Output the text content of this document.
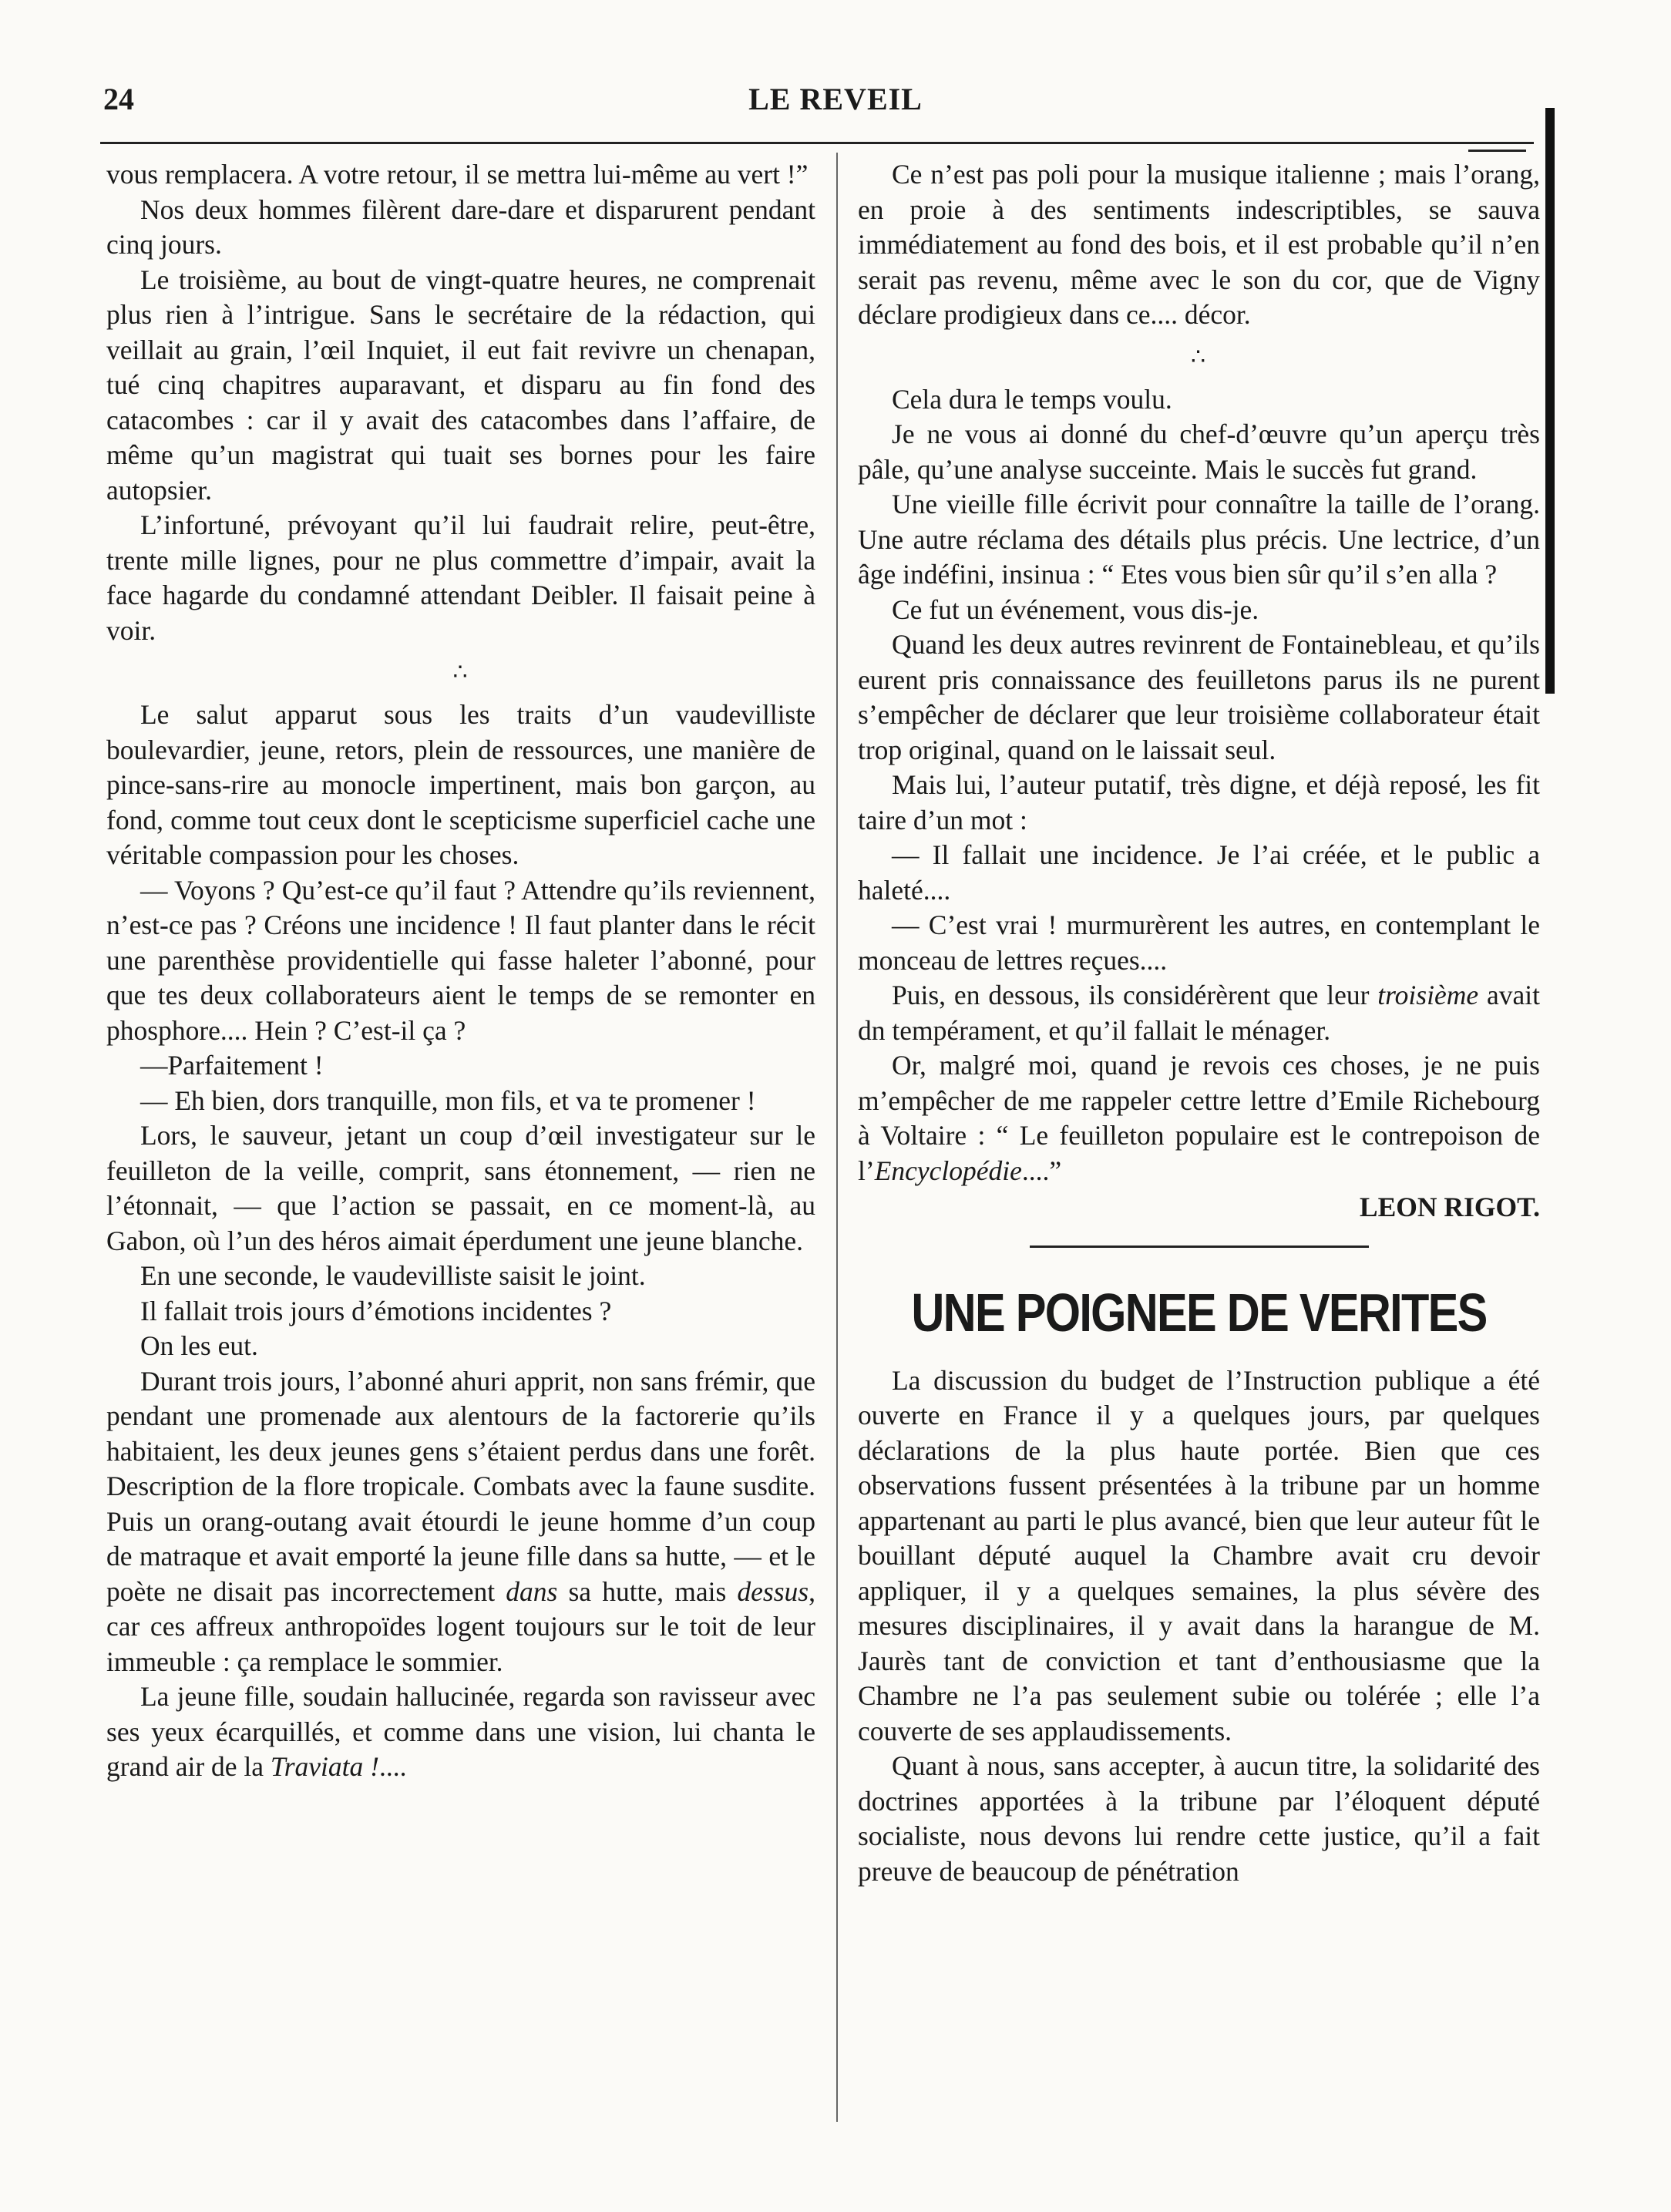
24	LE REVEIL

vous remplacera. A votre retour, il se mettra lui-même au vert !”

Nos deux hommes filèrent dare-dare et disparurent pendant cinq jours.

Le troisième, au bout de vingt-quatre heures, ne comprenait plus rien à l’intrigue. Sans le secrétaire de la rédaction, qui veillait au grain, l’œil Inquiet, il eut fait revivre un chenapan, tué cinq chapitres auparavant, et disparu au fin fond des catacombes : car il y avait des catacombes dans l’affaire, de même qu’un magistrat qui tuait ses bornes pour les faire autopsier.

L’infortuné, prévoyant qu’il lui faudrait relire, peut-être, trente mille lignes, pour ne plus commettre d’impair, avait la face hagarde du condamné attendant Deibler. Il faisait peine à voir.

∴

Le salut apparut sous les traits d’un vaudevilliste boulevardier, jeune, retors, plein de ressources, une manière de pince-sans-rire au monocle impertinent, mais bon garçon, au fond, comme tout ceux dont le scepticisme superficiel cache une véritable compassion pour les choses.

— Voyons ? Qu’est-ce qu’il faut ? Attendre qu’ils reviennent, n’est-ce pas ? Créons une incidence ! Il faut planter dans le récit une parenthèse providentielle qui fasse haleter l’abonné, pour que tes deux collaborateurs aient le temps de se remonter en phosphore.... Hein ? C’est-il ça ?

—Parfaitement !

— Eh bien, dors tranquille, mon fils, et va te promener !

Lors, le sauveur, jetant un coup d’œil investigateur sur le feuilleton de la veille, comprit, sans étonnement, — rien ne l’étonnait, — que l’action se passait, en ce moment-là, au Gabon, où l’un des héros aimait éperdument une jeune blanche.

En une seconde, le vaudevilliste saisit le joint.

Il fallait trois jours d’émotions incidentes ?

On les eut.

Durant trois jours, l’abonné ahuri apprit, non sans frémir, que pendant une promenade aux alentours de la factorerie qu’ils habitaient, les deux jeunes gens s’étaient perdus dans une forêt. Description de la flore tropicale. Combats avec la faune susdite. Puis un orang-outang avait étourdi le jeune homme d’un coup de matraque et avait emporté la jeune fille dans sa hutte, — et le poète ne disait pas incorrectement dans sa hutte, mais dessus, car ces affreux anthropoïdes logent toujours sur le toit de leur immeuble : ça remplace le sommier.

La jeune fille, soudain hallucinée, regarda son ravisseur avec ses yeux écarquillés, et comme dans une vision, lui chanta le grand air de la Traviata !....

Ce n’est pas poli pour la musique italienne ; mais l’orang, en proie à des sentiments indescriptibles, se sauva immédiatement au fond des bois, et il est probable qu’il n’en serait pas revenu, même avec le son du cor, que de Vigny déclare prodigieux dans ce.... décor.

∴

Cela dura le temps voulu.

Je ne vous ai donné du chef-d’œuvre qu’un aperçu très pâle, qu’une analyse succeinte. Mais le succès fut grand.

Une vieille fille écrivit pour connaître la taille de l’orang. Une autre réclama des détails plus précis. Une lectrice, d’un âge indéfini, insinua : “ Etes vous bien sûr qu’il s’en alla ?

Ce fut un événement, vous dis-je.

Quand les deux autres revinrent de Fontainebleau, et qu’ils eurent pris connaissance des feuilletons parus ils ne purent s’empêcher de déclarer que leur troisième collaborateur était trop original, quand on le laissait seul.

Mais lui, l’auteur putatif, très digne, et déjà reposé, les fit taire d’un mot :

— Il fallait une incidence. Je l’ai créée, et le public a haleté....

— C’est vrai ! murmurèrent les autres, en contemplant le monceau de lettres reçues....

Puis, en dessous, ils considérèrent que leur troisième avait dn tempérament, et qu’il fallait le ménager.

Or, malgré moi, quand je revois ces choses, je ne puis m’empêcher de me rappeler cettre lettre d’Emile Richebourg à Voltaire : “ Le feuilleton populaire est le contrepoison de l’Encyclopédie....”

LEON RIGOT.
UNE POIGNEE DE VERITES

La discussion du budget de l’Instruction publique a été ouverte en France il y a quelques jours, par quelques déclarations de la plus haute portée. Bien que ces observations fussent présentées à la tribune par un homme appartenant au parti le plus avancé, bien que leur auteur fût le bouillant député auquel la Chambre avait cru devoir appliquer, il y a quelques semaines, la plus sévère des mesures disciplinaires, il y avait dans la harangue de M. Jaurès tant de conviction et tant d’enthousiasme que la Chambre ne l’a pas seulement subie ou tolérée ; elle l’a couverte de ses applaudissements.

Quant à nous, sans accepter, à aucun titre, la solidarité des doctrines apportées à la tribune par l’éloquent député socialiste, nous devons lui rendre cette justice, qu’il a fait preuve de beaucoup de pénétration
